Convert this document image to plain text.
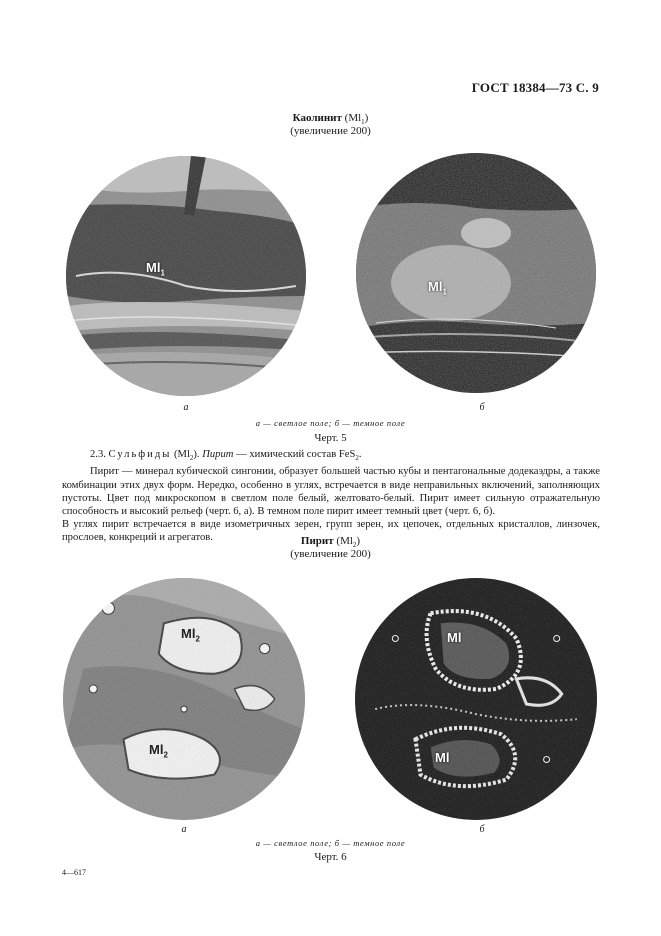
ГОСТ 18384—73 С. 9
Каолинит $(Ml_1)$
(увеличение 200)
$Ml_1$
$Ml_1$
а	б
а — светлое поле; б — темное поле
Черт. 5

2.3. Сульфиды $(Ml_2)$. Пирит — химический состав FeS$_2$.

Пирит — минерал кубической сингонии, образует большей частью кубы и пентагональные додекаэдры, а также комбинации этих двух форм. Нередко, особенно в углях, встречается в виде неправильных включений, заполняющих пустоты. Цвет под микроскопом в светлом поле белый, желтовато-белый. Пирит имеет сильную отражательную способность и высокий рельеф (черт. 6, а). В темном поле пирит имеет темный цвет (черт. 6, б).

В углях пирит встречается в виде изометричных зерен, групп зерен, их цепочек, отдельных кристаллов, линзочек, прослоев, конкреций и агрегатов.	Пирит $(Ml_2)$
(увеличение 200)
$Ml_2$
$Ml_2$
Ml
Ml
а	б
а — светлое поле; б — темное поле
Черт. 6
4—617
